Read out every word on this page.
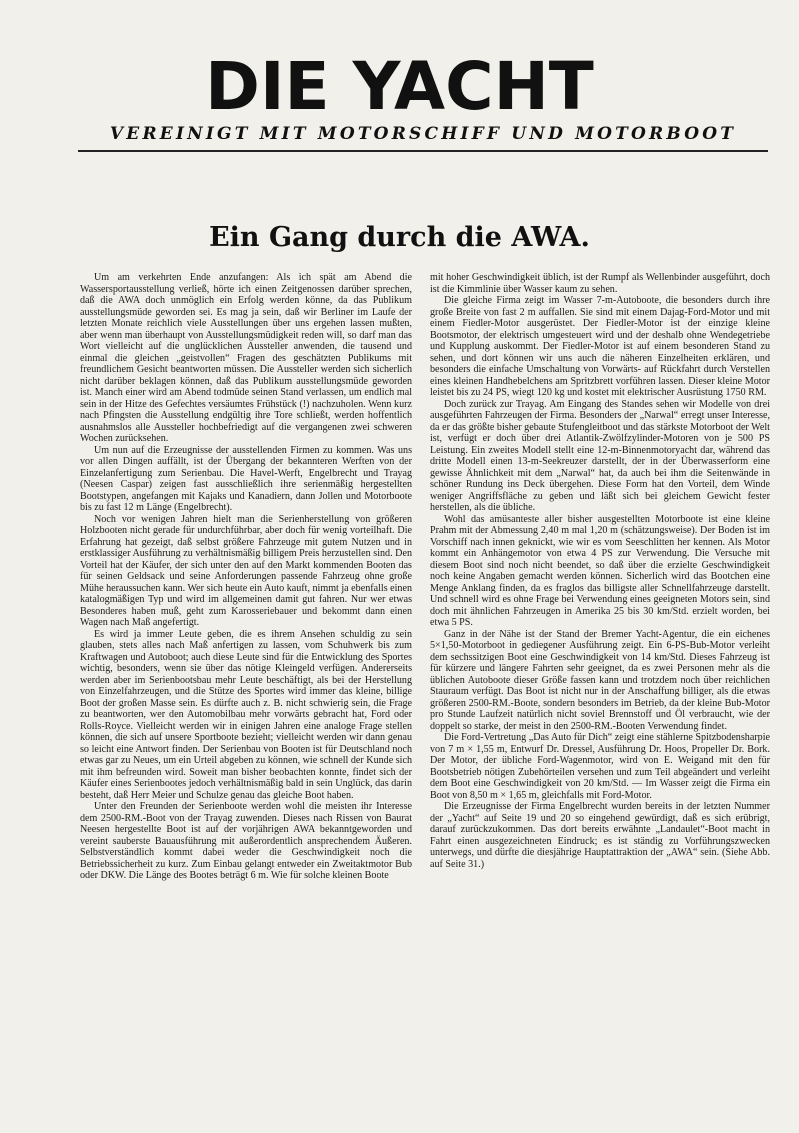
DIE YACHT
VEREINIGT MIT MOTORSCHIFF UND MOTORBOOT
Ein Gang durch die AWA.

Um am verkehrten Ende anzufangen: Als ich spät am Abend die Wassersportausstellung verließ, hörte ich einen Zeitgenossen darüber sprechen, daß die AWA doch unmöglich ein Erfolg werden könne, da das Publikum ausstellungsmüde geworden sei. Es mag ja sein, daß wir Berliner im Laufe der letzten Monate reichlich viele Ausstellungen über uns ergehen lassen mußten, aber wenn man überhaupt von Ausstellungsmüdigkeit reden will, so darf man das Wort vielleicht auf die unglücklichen Aussteller anwenden, die tausend und einmal die gleichen „geistvollen“ Fragen des geschätzten Publikums mit freundlichem Gesicht beantworten müssen. Die Aussteller werden sich sicherlich nicht darüber beklagen können, daß das Publikum ausstellungsmüde geworden ist. Manch einer wird am Abend todmüde seinen Stand verlassen, um endlich mal sein in der Hitze des Gefechtes versäumtes Frühstück (!) nachzuholen. Wenn kurz nach Pfingsten die Ausstellung endgültig ihre Tore schließt, werden hoffentlich ausnahmslos alle Aussteller hochbefriedigt auf die vergangenen zwei schweren Wochen zurücksehen.

Um nun auf die Erzeugnisse der ausstellenden Firmen zu kommen. Was uns vor allen Dingen auffällt, ist der Übergang der bekannteren Werften von der Einzelanfertigung zum Serienbau. Die Havel-Werft, Engelbrecht und Trayag (Neesen Caspar) zeigen fast ausschließlich ihre serienmäßig hergestellten Bootstypen, angefangen mit Kajaks und Kanadiern, dann Jollen und Motorboote bis zu fast 12 m Länge (Engelbrecht).

Noch vor wenigen Jahren hielt man die Serienherstellung von größeren Holzbooten nicht gerade für undurchführbar, aber doch für wenig vorteilhaft. Die Erfahrung hat gezeigt, daß selbst größere Fahrzeuge mit gutem Nutzen und in erstklassiger Ausführung zu verhältnismäßig billigem Preis herzustellen sind. Den Vorteil hat der Käufer, der sich unter den auf den Markt kommenden Booten das für seinen Geldsack und seine Anforderungen passende Fahrzeug ohne große Mühe heraussuchen kann. Wer sich heute ein Auto kauft, nimmt ja ebenfalls einen katalogmäßigen Typ und wird im allgemeinen damit gut fahren. Nur wer etwas Besonderes haben muß, geht zum Karosseriebauer und bekommt dann einen Wagen nach Maß angefertigt.

Es wird ja immer Leute geben, die es ihrem Ansehen schuldig zu sein glauben, stets alles nach Maß anfertigen zu lassen, vom Schuhwerk bis zum Kraftwagen und Autoboot; auch diese Leute sind für die Entwicklung des Sportes wichtig, besonders, wenn sie über das nötige Kleingeld verfügen. Andererseits werden aber im Serienbootsbau mehr Leute beschäftigt, als bei der Herstellung von Einzelfahrzeugen, und die Stütze des Sportes wird immer das kleine, billige Boot der großen Masse sein. Es dürfte auch z. B. nicht schwierig sein, die Frage zu beantworten, wer den Automobilbau mehr vorwärts gebracht hat, Ford oder Rolls-Royce. Vielleicht werden wir in einigen Jahren eine analoge Frage stellen können, die sich auf unsere Sportboote bezieht; vielleicht werden wir dann genau so leicht eine Antwort finden. Der Serienbau von Booten ist für Deutschland noch etwas gar zu Neues, um ein Urteil abgeben zu können, wie schnell der Kunde sich mit ihm befreunden wird. Soweit man bisher beobachten konnte, findet sich der Käufer eines Serienbootes jedoch verhältnismäßig bald in sein Unglück, das darin besteht, daß Herr Meier und Schulze genau das gleiche Boot haben.

Unter den Freunden der Serienboote werden wohl die meisten ihr Interesse dem 2500-RM.-Boot von der Trayag zuwenden. Dieses nach Rissen von Baurat Neesen hergestellte Boot ist auf der vorjährigen AWA bekanntgeworden und vereint sauberste Bauausführung mit außerordentlich ansprechendem Äußeren. Selbstverständlich kommt dabei weder die Geschwindigkeit noch die Betriebssicherheit zu kurz. Zum Einbau gelangt entweder ein Zweitaktmotor Bub oder DKW. Die Länge des Bootes beträgt 6 m. Wie für solche kleinen Boote

mit hoher Geschwindigkeit üblich, ist der Rumpf als Wellenbinder ausgeführt, doch ist die Kimmlinie über Wasser kaum zu sehen.

Die gleiche Firma zeigt im Wasser 7-m-Autoboote, die besonders durch ihre große Breite von fast 2 m auffallen. Sie sind mit einem Dajag-Ford-Motor und mit einem Fiedler-Motor ausgerüstet. Der Fiedler-Motor ist der einzige kleine Bootsmotor, der elektrisch umgesteuert wird und der deshalb ohne Wendegetriebe und Kupplung auskommt. Der Fiedler-Motor ist auf einem besonderen Stand zu sehen, und dort können wir uns auch die näheren Einzelheiten erklären, und besonders die einfache Umschaltung von Vorwärts- auf Rückfahrt durch Verstellen eines kleinen Handhebelchens am Spritzbrett vorführen lassen. Dieser kleine Motor leistet bis zu 24 PS, wiegt 120 kg und kostet mit elektrischer Ausrüstung 1750 RM.

Doch zurück zur Trayag. Am Eingang des Standes sehen wir Modelle von drei ausgeführten Fahrzeugen der Firma. Besonders der „Narwal“ erregt unser Interesse, da er das größte bisher gebaute Stufengleitboot und das stärkste Motorboot der Welt ist, verfügt er doch über drei Atlantik-Zwölfzylinder-Motoren von je 500 PS Leistung. Ein zweites Modell stellt eine 12-m-Binnenmotoryacht dar, während das dritte Modell einen 13-m-Seekreuzer darstellt, der in der Überwasserform eine gewisse Ähnlichkeit mit dem „Narwal“ hat, da auch bei ihm die Seitenwände in schöner Rundung ins Deck übergehen. Diese Form hat den Vorteil, dem Winde weniger Angriffsfläche zu geben und läßt sich bei gleichem Gewicht fester herstellen, als die übliche.

Wohl das amüsanteste aller bisher ausgestellten Motorboote ist eine kleine Prahm mit der Abmessung 2,40 m mal 1,20 m (schätzungsweise). Der Boden ist im Vorschiff nach innen geknickt, wie wir es vom Seeschlitten her kennen. Als Motor kommt ein Anhängemotor von etwa 4 PS zur Verwendung. Die Versuche mit diesem Boot sind noch nicht beendet, so daß über die erzielte Geschwindigkeit noch keine Angaben gemacht werden können. Sicherlich wird das Bootchen eine Menge Anklang finden, da es fraglos das billigste aller Schnellfahrzeuge darstellt. Und schnell wird es ohne Frage bei Verwendung eines geeigneten Motors sein, sind doch mit ähnlichen Fahrzeugen in Amerika 25 bis 30 km/Std. erzielt worden, bei etwa 5 PS.

Ganz in der Nähe ist der Stand der Bremer Yacht-Agentur, die ein eichenes 5×1,50-Motorboot in gediegener Ausführung zeigt. Ein 6-PS-Bub-Motor verleiht dem sechssitzigen Boot eine Geschwindigkeit von 14 km/Std. Dieses Fahrzeug ist für kürzere und längere Fahrten sehr geeignet, da es zwei Personen mehr als die üblichen Autoboote dieser Größe fassen kann und trotzdem noch über reichlichen Stauraum verfügt. Das Boot ist nicht nur in der Anschaffung billiger, als die etwas größeren 2500-RM.-Boote, sondern besonders im Betrieb, da der kleine Bub-Motor pro Stunde Laufzeit natürlich nicht soviel Brennstoff und Öl verbraucht, wie der doppelt so starke, der meist in den 2500-RM.-Booten Verwendung findet.

Die Ford-Vertretung „Das Auto für Dich“ zeigt eine stählerne Spitzbodensharpie von 7 m × 1,55 m, Entwurf Dr. Dressel, Ausführung Dr. Hoos, Propeller Dr. Bork. Der Motor, der übliche Ford-Wagenmotor, wird von E. Weigand mit den für Bootsbetrieb nötigen Zubehörteilen versehen und zum Teil abgeändert und verleiht dem Boot eine Geschwindigkeit von 20 km/Std. — Im Wasser zeigt die Firma ein Boot von 8,50 m × 1,65 m, gleichfalls mit Ford-Motor.

Die Erzeugnisse der Firma Engelbrecht wurden bereits in der letzten Nummer der „Yacht“ auf Seite 19 und 20 so eingehend gewürdigt, daß es sich erübrigt, darauf zurückzukommen. Das dort bereits erwähnte „Landaulet“-Boot macht in Fahrt einen ausgezeichneten Eindruck; es ist ständig zu Vorführungszwecken unterwegs, und dürfte die diesjährige Hauptattraktion der „AWA“ sein. (Siehe Abb. auf Seite 31.)
